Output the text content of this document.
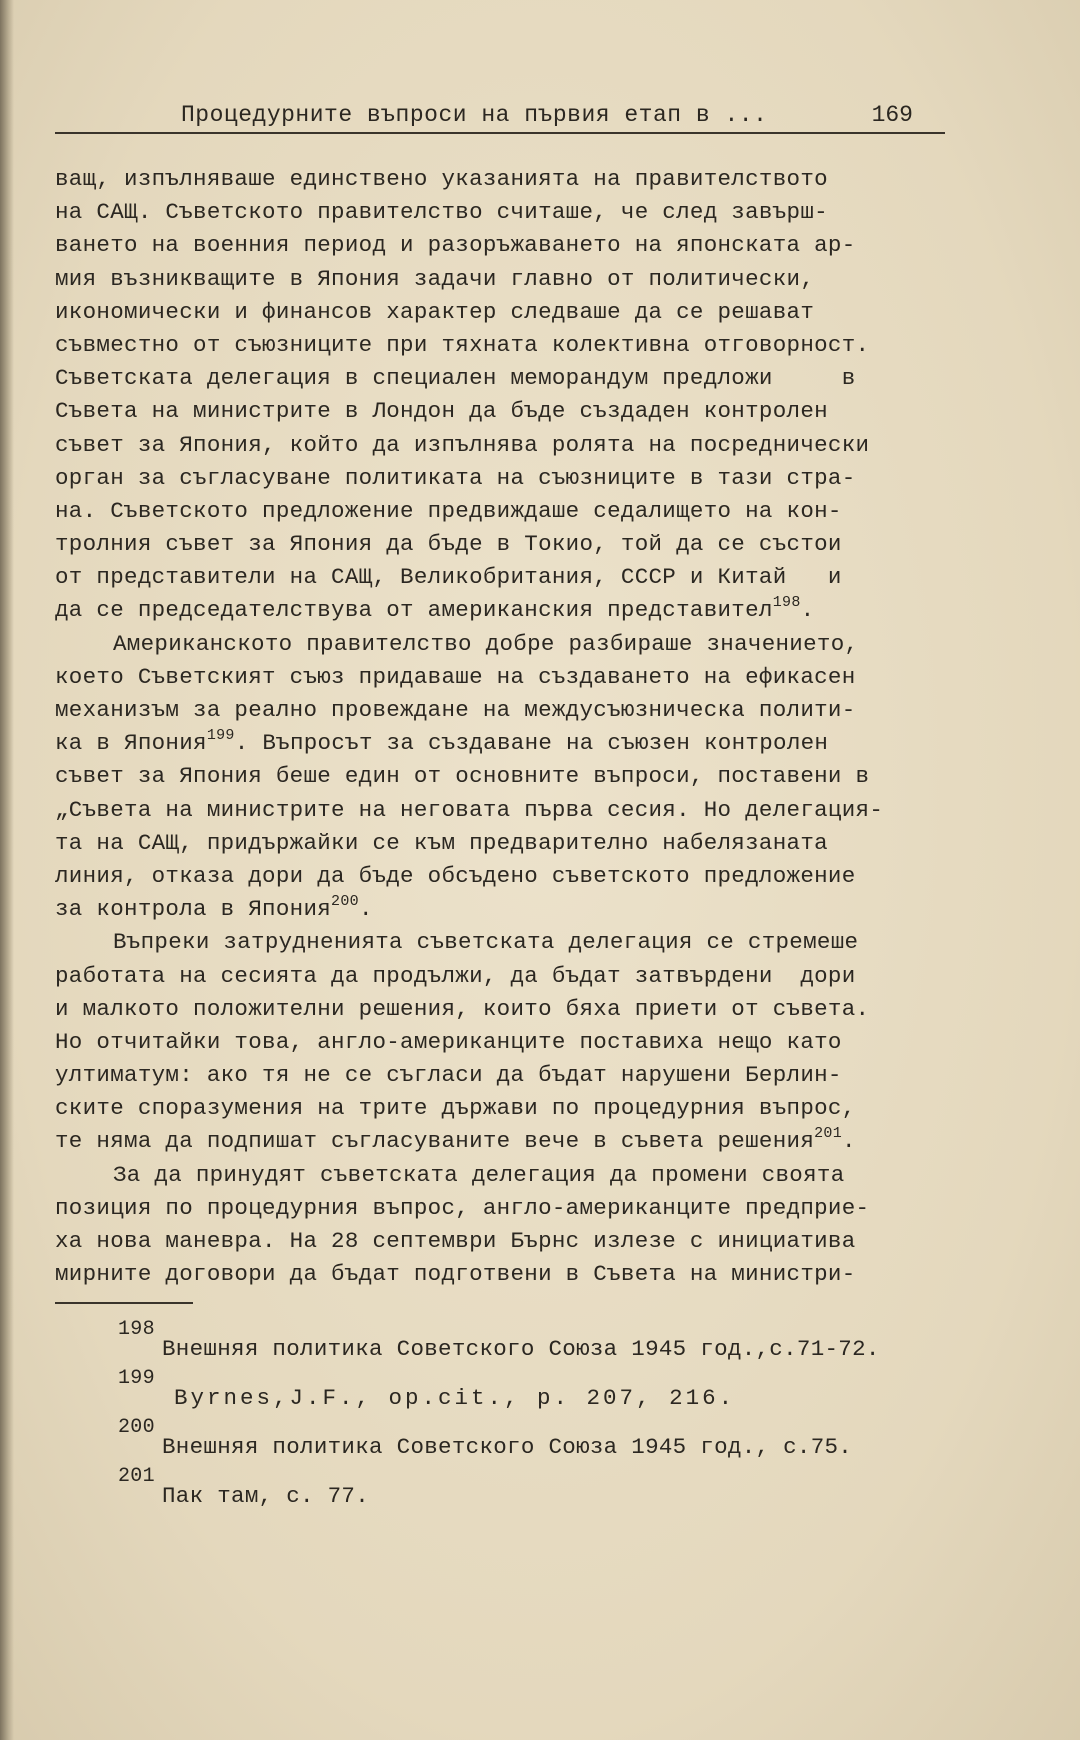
Процедурните въпроси на първия етап в ...	169
ващ, изпълняваше единствено указанията на правителството
на САЩ. Съветското правителство считаше, че след завърш-
ването на военния период и разоръжаването на японската ар-
мия възникващите в Япония задачи главно от политически,
икономически и финансов характер следваше да се решават
съвместно от съюзниците при тяхната колективна отговорност.
Съветската делегация в специален меморандум предложи     в
Съвета на министрите в Лондон да бъде създаден контролен
съвет за Япония, който да изпълнява ролята на посреднически
орган за съгласуване политиката на съюзниците в тази стра-
на. Съветското предложение предвиждаше седалището на кон-
тролния съвет за Япония да бъде в Токио, той да се състои
от представители на САЩ, Великобритания, СССР и Китай   и
да се председателствува от американския представител$^{198}$.
Американското правителство добре разбираше значението,
което Съветският съюз придаваше на създаването на ефикасен
механизъм за реално провеждане на междусъюзническа полити-
ка в Япония$^{199}$. Въпросът за създаване на съюзен контролен
съвет за Япония беше един от основните въпроси, поставени в
„Съвета на министрите на неговата първа сесия. Но делегация-
та на САЩ, придържайки се към предварително набелязаната
линия, отказа дори да бъде обсъдено съветското предложение
за контрола в Япония$^{200}$.
Въпреки затрудненията съветската делегация се стремеше
работата на сесията да продължи, да бъдат затвърдени  дори
и малкото положителни решения, които бяха приети от съвета.
Но отчитайки това, англо-американците поставиха нещо като
ултиматум: ако тя не се съгласи да бъдат нарушени Берлин-
ските споразумения на трите държави по процедурния въпрос,
те няма да подпишат съгласуваните вече в съвета решения$^{201}$.
За да принудят съветската делегация да промени своята
позиция по процедурния въпрос, англо-американците предприе-
ха нова маневра. На 28 септември Бърнс излезе с инициатива
мирните договори да бъдат подготвени в Съвета на министри-
198
Внешняя политика Советского Союза 1945 год.,с.71-72.
199
Byrnes,J.F., op.cit., p. 207, 216.
200
Внешняя политика Советского Союза 1945 год., с.75.
201
Пак там, с. 77.
